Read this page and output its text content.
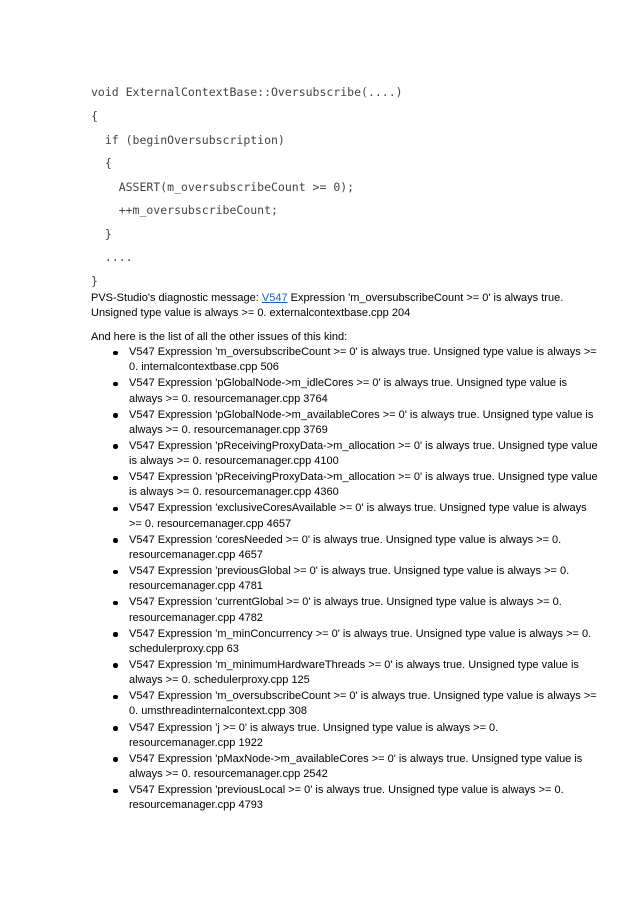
void ExternalContextBase::Oversubscribe(....)
{
if (beginOversubscription)
{
ASSERT(m_oversubscribeCount >= 0);
++m_oversubscribeCount;
}
....
}
PVS-Studio's diagnostic message: V547 Expression 'm_oversubscribeCount >= 0' is always true. Unsigned type value is always >= 0. externalcontextbase.cpp 204
And here is the list of all the other issues of this kind:
V547 Expression 'm_oversubscribeCount >= 0' is always true. Unsigned type value is always >= 0. internalcontextbase.cpp 506
V547 Expression 'pGlobalNode->m_idleCores >= 0' is always true. Unsigned type value is always >= 0. resourcemanager.cpp 3764
V547 Expression 'pGlobalNode->m_availableCores >= 0' is always true. Unsigned type value is always >= 0. resourcemanager.cpp 3769
V547 Expression 'pReceivingProxyData->m_allocation >= 0' is always true. Unsigned type value is always >= 0. resourcemanager.cpp 4100
V547 Expression 'pReceivingProxyData->m_allocation >= 0' is always true. Unsigned type value is always >= 0. resourcemanager.cpp 4360
V547 Expression 'exclusiveCoresAvailable >= 0' is always true. Unsigned type value is always >= 0. resourcemanager.cpp 4657
V547 Expression 'coresNeeded >= 0' is always true. Unsigned type value is always >= 0. resourcemanager.cpp 4657
V547 Expression 'previousGlobal >= 0' is always true. Unsigned type value is always >= 0. resourcemanager.cpp 4781
V547 Expression 'currentGlobal >= 0' is always true. Unsigned type value is always >= 0. resourcemanager.cpp 4782
V547 Expression 'm_minConcurrency >= 0' is always true. Unsigned type value is always >= 0. schedulerproxy.cpp 63
V547 Expression 'm_minimumHardwareThreads >= 0' is always true. Unsigned type value is always >= 0. schedulerproxy.cpp 125
V547 Expression 'm_oversubscribeCount >= 0' is always true. Unsigned type value is always >= 0. umsthreadinternalcontext.cpp 308
V547 Expression 'j >= 0' is always true. Unsigned type value is always >= 0. resourcemanager.cpp 1922
V547 Expression 'pMaxNode->m_availableCores >= 0' is always true. Unsigned type value is always >= 0. resourcemanager.cpp 2542
V547 Expression 'previousLocal >= 0' is always true. Unsigned type value is always >= 0. resourcemanager.cpp 4793
